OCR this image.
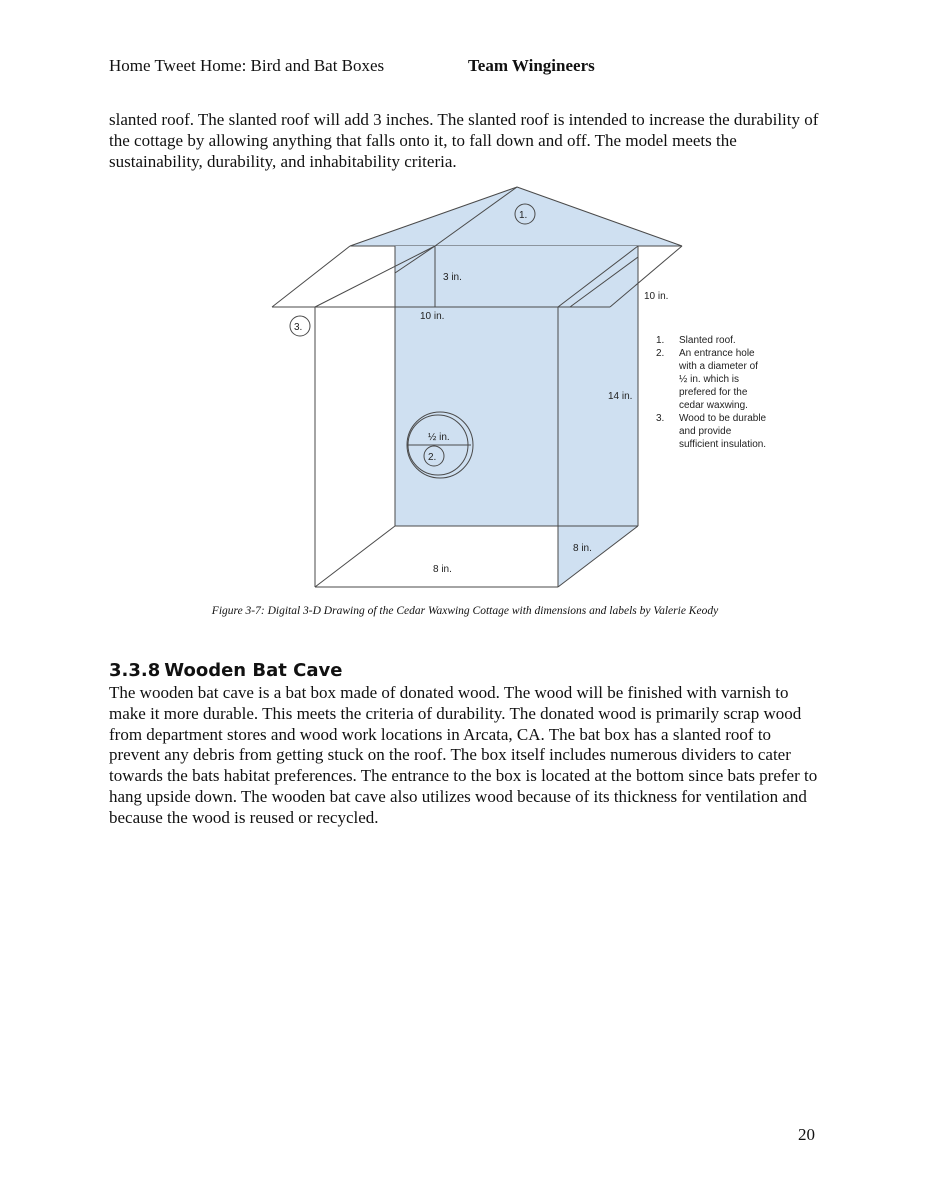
Home Tweet Home: Bird and Bat Boxes	Team Wingineers

slanted roof. The slanted roof will add 3 inches. The slanted roof is intended to increase the durability of the cottage by allowing anything that falls onto it, to fall down and off. The model meets the sustainability, durability, and inhabitability criteria.

1.
3.
2.
3 in.
10 in.
10 in.
14 in.
½ in.
8 in.
8 in.
1. Slanted roof.
2. An entrance hole
with a diameter of
½ in. which is
prefered for the
cedar waxwing.
3. Wood to be durable
and provide
sufficient insulation.
Figure 3-7: Digital 3-D Drawing of the Cedar Waxwing Cottage with dimensions and labels by Valerie Keody
3.3.8 Wooden Bat Cave

The wooden bat cave is a bat box made of donated wood. The wood will be finished with varnish to make it more durable. This meets the criteria of durability. The donated wood is primarily scrap wood from department stores and wood work locations in Arcata, CA. The bat box has a slanted roof to prevent any debris from getting stuck on the roof. The box itself includes numerous dividers to cater towards the bats habitat preferences. The entrance to the box is located at the bottom since bats prefer to hang upside down. The wooden bat cave also utilizes wood because of its thickness for ventilation and because the wood is reused or recycled.

20
